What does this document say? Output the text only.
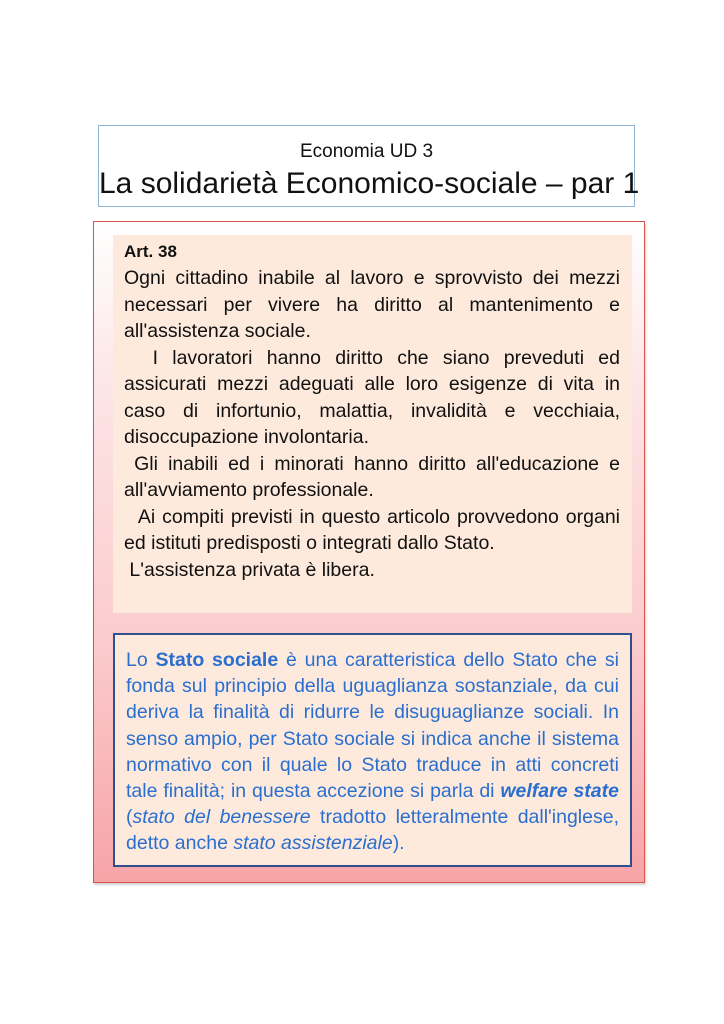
Economia UD 3
La solidarietà Economico-sociale – par 1
Art. 38

Ogni cittadino inabile al lavoro e sprovvisto dei mezzi necessari per vivere ha diritto al mantenimento e all'assistenza sociale.

I lavoratori hanno diritto che siano preveduti ed assicurati mezzi adeguati alle loro esigenze di vita in caso di infortunio, malattia, invalidità e vecchiaia, disoccupazione involontaria.

Gli inabili ed i minorati hanno diritto all'educazione e all'avviamento professionale.

Ai compiti previsti in questo articolo provvedono organi ed istituti predisposti o integrati dallo Stato.

L'assistenza privata è libera.

Lo Stato sociale è una caratteristica dello Stato che si fonda sul principio della uguaglianza sostanziale, da cui deriva la finalità di ridurre le disuguaglianze sociali. In senso ampio, per Stato sociale si indica anche il sistema normativo con il quale lo Stato traduce in atti concreti tale finalità; in questa accezione si parla di welfare state (stato del benessere tradotto letteralmente dall'inglese, detto anche stato assistenziale).
